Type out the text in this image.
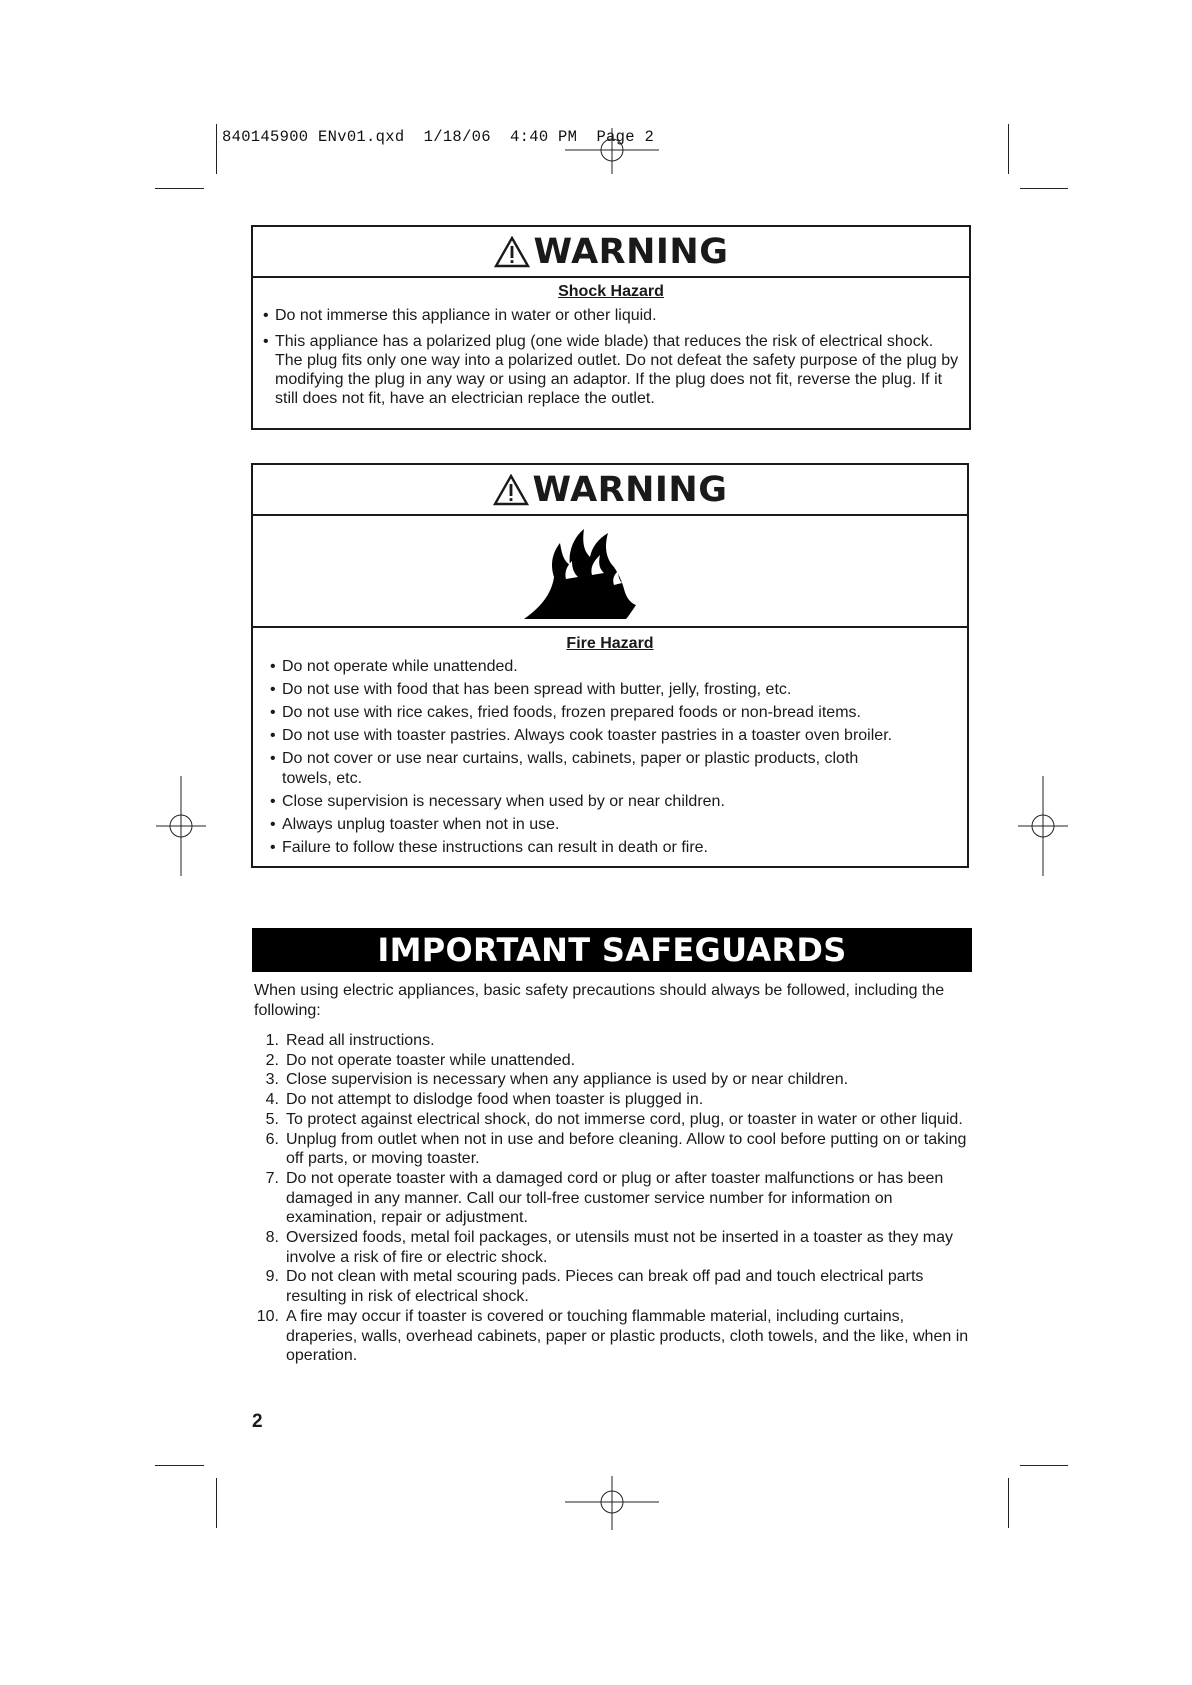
840145900 ENv01.qxd  1/18/06  4:40 PM  Page 2
WARNING
Shock Hazard
• Do not immerse this appliance in water or other liquid.
• This appliance has a polarized plug (one wide blade) that reduces the risk of electrical shock. The plug fits only one way into a polarized outlet. Do not defeat the safety purpose of the plug by modifying the plug in any way or using an adaptor. If the plug does not fit, reverse the plug. If it still does not fit, have an electrician replace the outlet.
WARNING
Fire Hazard
• Do not operate while unattended.
• Do not use with food that has been spread with butter, jelly, frosting, etc.
• Do not use with rice cakes, fried foods, frozen prepared foods or non-bread items.
• Do not use with toaster pastries. Always cook toaster pastries in a toaster oven broiler.
• Do not cover or use near curtains, walls, cabinets, paper or plastic products, cloth towels, etc.
• Close supervision is necessary when used by or near children.
• Always unplug toaster when not in use.
• Failure to follow these instructions can result in death or fire.
IMPORTANT SAFEGUARDS
When using electric appliances, basic safety precautions should always be followed, including the following:
1. Read all instructions.
2. Do not operate toaster while unattended.
3. Close supervision is necessary when any appliance is used by or near children.
4. Do not attempt to dislodge food when toaster is plugged in.
5. To protect against electrical shock, do not immerse cord, plug, or toaster in water or other liquid.
6. Unplug from outlet when not in use and before cleaning. Allow to cool before putting on or taking off parts, or moving toaster.
7. Do not operate toaster with a damaged cord or plug or after toaster malfunctions or has been damaged in any manner. Call our toll-free customer service number for information on examination, repair or adjustment.
8. Oversized foods, metal foil packages, or utensils must not be inserted in a toaster as they may involve a risk of fire or electric shock.
9. Do not clean with metal scouring pads. Pieces can break off pad and touch electrical parts resulting in risk of electrical shock.
10. A fire may occur if toaster is covered or touching flammable material, including curtains, draperies, walls, overhead cabinets, paper or plastic products, cloth towels, and the like, when in operation.
2
